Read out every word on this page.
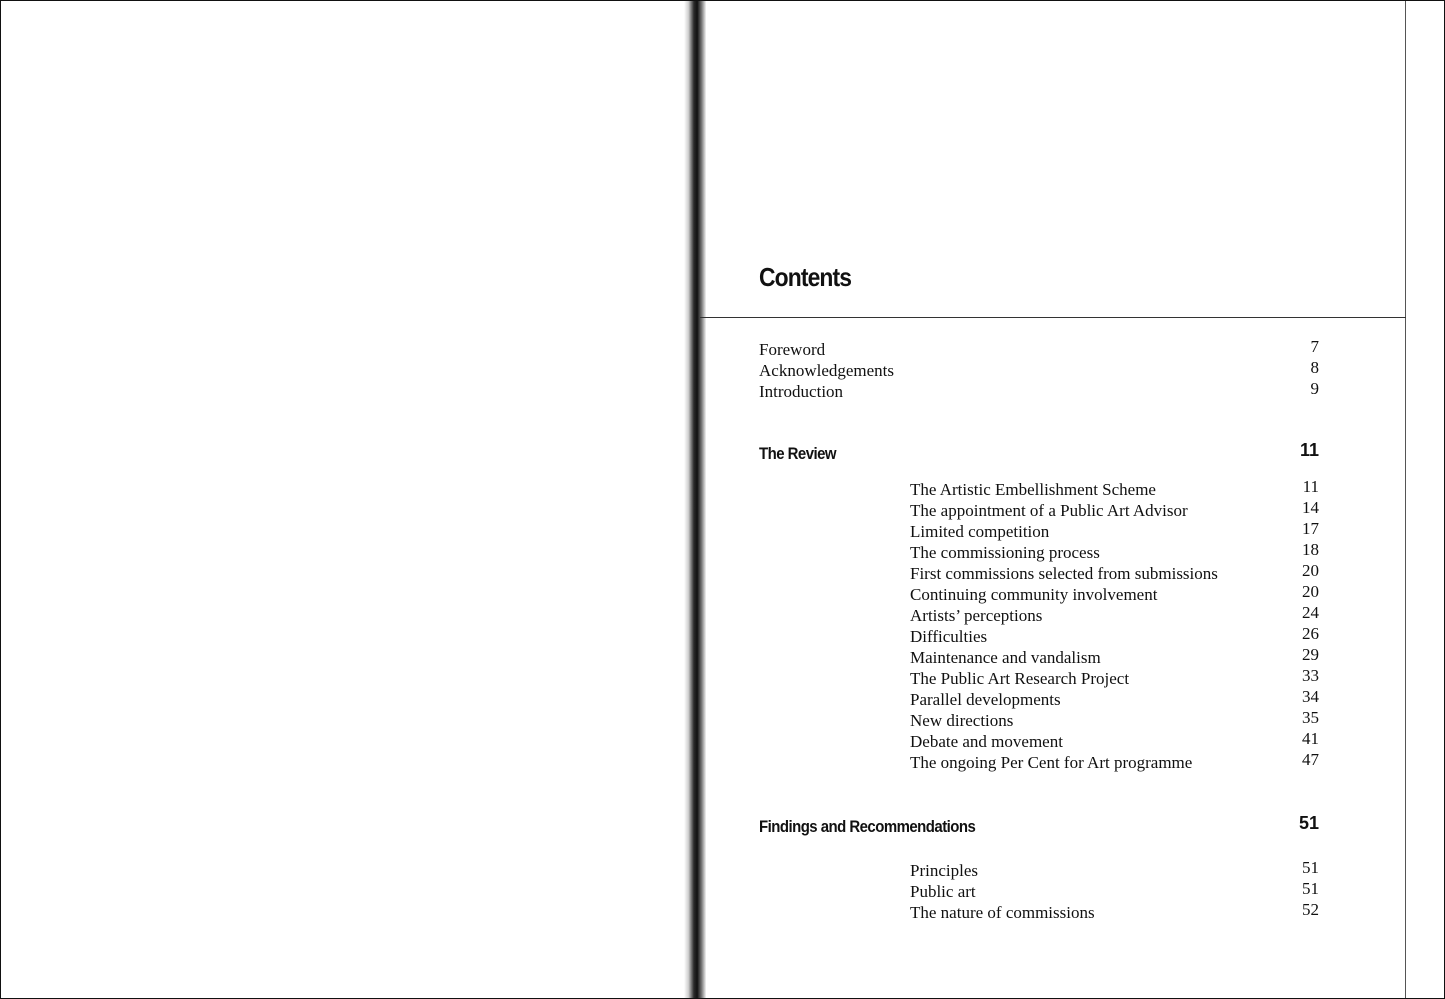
Contents
Foreword	7
Acknowledgements	8
Introduction	9
The Review	11
The Artistic Embellishment Scheme	11
The appointment of a Public Art Advisor	14
Limited competition	17
The commissioning process	18
First commissions selected from submissions	20
Continuing community involvement	20
Artists’ perceptions	24
Difficulties	26
Maintenance and vandalism	29
The Public Art Research Project	33
Parallel developments	34
New directions	35
Debate and movement	41
The ongoing Per Cent for Art programme	47
Findings and Recommendations	51
Principles	51
Public art	51
The nature of commissions	52
